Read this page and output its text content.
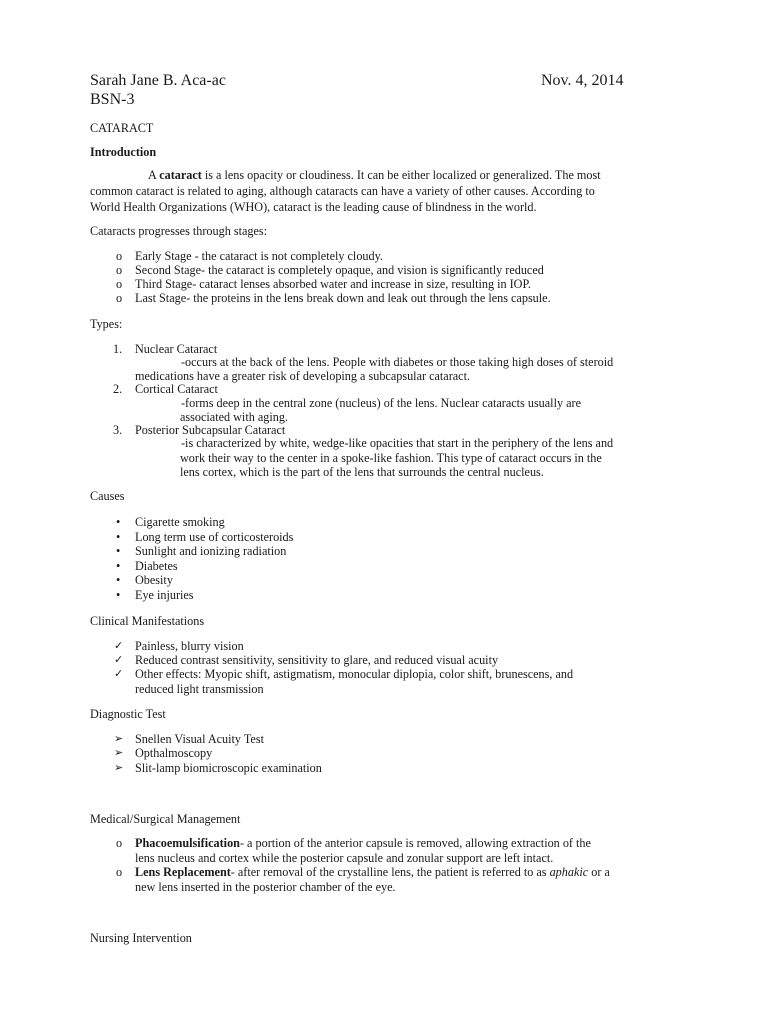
Sarah Jane B. Aca-ac	Nov. 4, 2014
BSN-3
CATARACT
Introduction
A cataract is a lens opacity or cloudiness. It can be either localized or generalized. The most
common cataract is related to aging, although cataracts can have a variety of other causes. According to
World Health Organizations (WHO), cataract is the leading cause of blindness in the world.
Cataracts progresses through stages:
o Early Stage - the cataract is not completely cloudy.
o Second Stage- the cataract is completely opaque, and vision is significantly reduced
o Third Stage- cataract lenses absorbed water and increase in size, resulting in IOP.
o Last Stage- the proteins in the lens break down and leak out through the lens capsule.
Types:
1. Nuclear Cataract
-occurs at the back of the lens. People with diabetes or those taking high doses of steroid
medications have a greater risk of developing a subcapsular cataract.
2. Cortical Cataract
-forms deep in the central zone (nucleus) of the lens. Nuclear cataracts usually are
associated with aging.
3. Posterior Subcapsular Cataract
-is characterized by white, wedge-like opacities that start in the periphery of the lens and
work their way to the center in a spoke-like fashion. This type of cataract occurs in the
lens cortex, which is the part of the lens that surrounds the central nucleus.
Causes
• Cigarette smoking
• Long term use of corticosteroids
• Sunlight and ionizing radiation
• Diabetes
• Obesity
• Eye injuries
Clinical Manifestations
✓ Painless, blurry vision
✓ Reduced contrast sensitivity, sensitivity to glare, and reduced visual acuity
✓ Other effects: Myopic shift, astigmatism, monocular diplopia, color shift, brunescens, and
reduced light transmission
Diagnostic Test
➢ Snellen Visual Acuity Test
➢ Opthalmoscopy
➢ Slit-lamp biomicroscopic examination
Medical/Surgical Management
o Phacoemulsification- a portion of the anterior capsule is removed, allowing extraction of the
lens nucleus and cortex while the posterior capsule and zonular support are left intact.
o Lens Replacement- after removal of the crystalline lens, the patient is referred to as aphakic or a
new lens inserted in the posterior chamber of the eye.
Nursing Intervention
